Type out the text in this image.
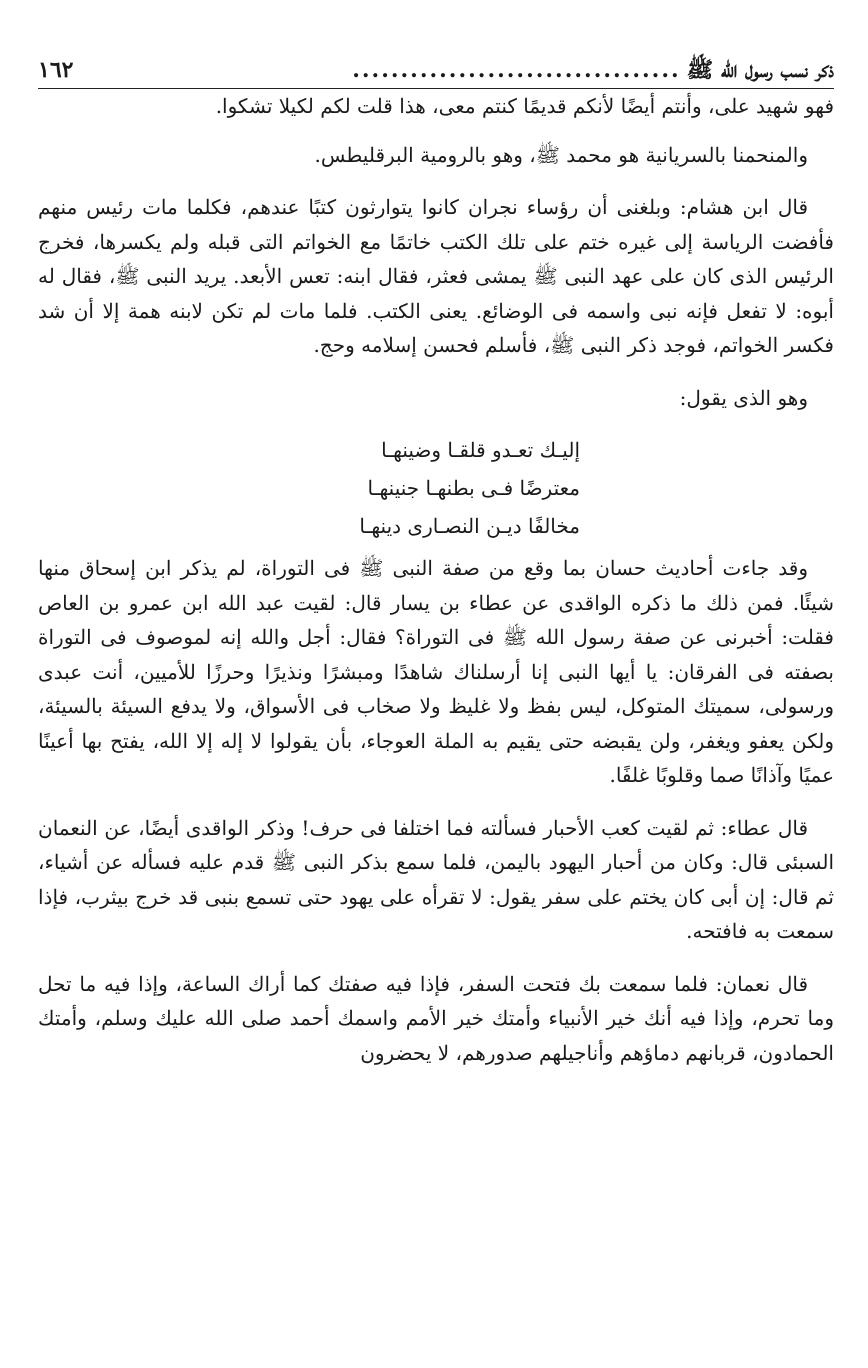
ذكر نسب رسول الله ﷺ
..................................
١٦٢

فهو شهيد على، وأنتم أيضًا لأنكم قديمًا كنتم معى، هذا قلت لكم لكيلا تشكوا.

والمنحمنا بالسريانية هو محمد ﷺ، وهو بالرومية البرقليطس.

قال ابن هشام: وبلغنى أن رؤساء نجران كانوا يتوارثون كتبًا عندهم، فكلما مات رئيس منهم فأفضت الرياسة إلى غيره ختم على تلك الكتب خاتمًا مع الخواتم التى قبله ولم يكسرها، فخرج الرئيس الذى كان على عهد النبى ﷺ يمشى فعثر، فقال ابنه: تعس الأبعد. يريد النبى ﷺ، فقال له أبوه: لا تفعل فإنه نبى واسمه فى الوضائع. يعنى الكتب. فلما مات لم تكن لابنه همة إلا أن شد فكسر الخواتم، فوجد ذكر النبى ﷺ، فأسلم فحسن إسلامه وحج.

وهو الذى يقول:

إليـك تعـدو قلقـا وضينهـا
معترضًا فـى بطنهـا جنينهـا
مخالفًا ديـن النصـارى دينهـا

وقد جاءت أحاديث حسان بما وقع من صفة النبى ﷺ فى التوراة، لم يذكر ابن إسحاق منها شيئًا. فمن ذلك ما ذكره الواقدى عن عطاء بن يسار قال: لقيت عبد الله ابن عمرو بن العاص فقلت: أخبرنى عن صفة رسول الله ﷺ فى التوراة؟ فقال: أجل والله إنه لموصوف فى التوراة بصفته فى الفرقان: يا أيها النبى إنا أرسلناك شاهدًا ومبشرًا ونذيرًا وحرزًا للأميين، أنت عبدى ورسولى، سميتك المتوكل، ليس بفظ ولا غليظ ولا صخاب فى الأسواق، ولا يدفع السيئة بالسيئة، ولكن يعفو ويغفر، ولن يقبضه حتى يقيم به الملة العوجاء، بأن يقولوا لا إله إلا الله، يفتح بها أعينًا عميًا وآذانًا صما وقلوبًا غلفًا.

قال عطاء: ثم لقيت كعب الأحبار فسألته فما اختلفا فى حرف! وذكر الواقدى أيضًا، عن النعمان السبئى قال: وكان من أحبار اليهود باليمن، فلما سمع بذكر النبى ﷺ قدم عليه فسأله عن أشياء، ثم قال: إن أبى كان يختم على سفر يقول: لا تقرأه على يهود حتى تسمع بنبى قد خرج بيثرب، فإذا سمعت به فافتحه.

قال نعمان: فلما سمعت بك فتحت السفر، فإذا فيه صفتك كما أراك الساعة، وإذا فيه ما تحل وما تحرم، وإذا فيه أنك خير الأنبياء وأمتك خير الأمم واسمك أحمد صلى الله عليك وسلم، وأمتك الحمادون، قربانهم دماؤهم وأناجيلهم صدورهم، لا يحضرون
